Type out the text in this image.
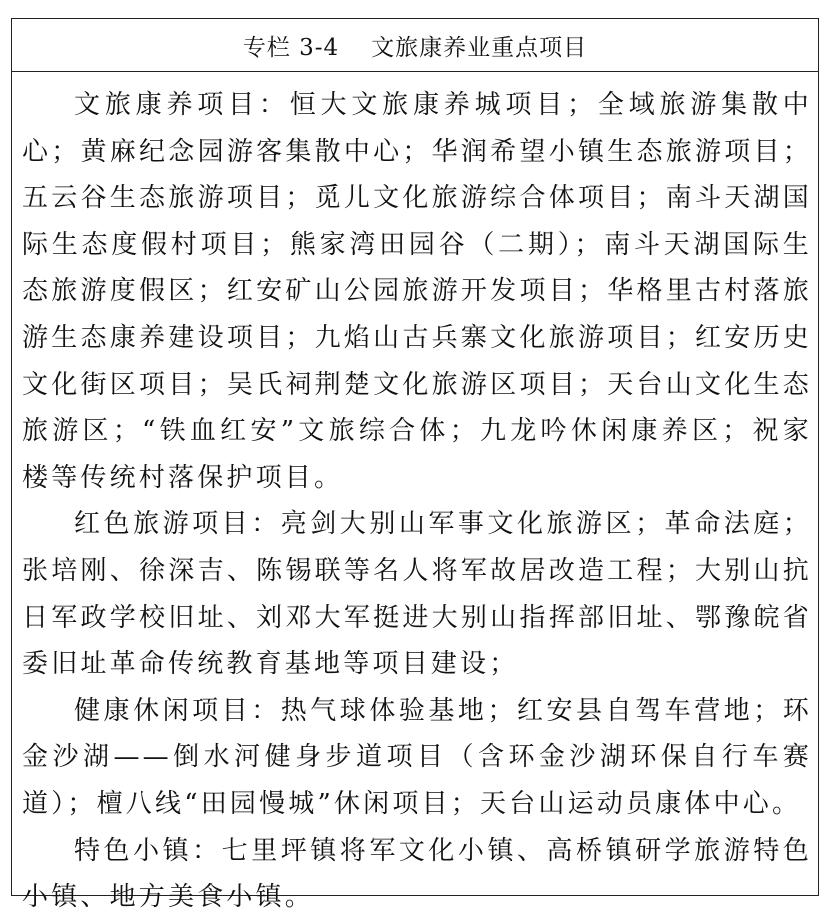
专栏 3-4 文旅康养业重点项目

文旅康养项目：恒大文旅康养城项目；全域旅游集散中心；黄麻纪念园游客集散中心；华润希望小镇生态旅游项目；五云谷生态旅游项目；觅儿文化旅游综合体项目；南斗天湖国际生态度假村项目；熊家湾田园谷（二期）；南斗天湖国际生态旅游度假区；红安矿山公园旅游开发项目；华格里古村落旅游生态康养建设项目；九焰山古兵寨文化旅游项目；红安历史文化街区项目；吴氏祠荆楚文化旅游区项目；天台山文化生态旅游区；“铁血红安”文旅综合体；九龙吟休闲康养区；祝家楼等传统村落保护项目。

红色旅游项目：亮剑大别山军事文化旅游区；革命法庭；张培刚、徐深吉、陈锡联等名人将军故居改造工程；大别山抗日军政学校旧址、刘邓大军挺进大别山指挥部旧址、鄂豫皖省委旧址革命传统教育基地等项目建设；

健康休闲项目：热气球体验基地；红安县自驾车营地；环金沙湖——倒水河健身步道项目（含环金沙湖环保自行车赛道）；檀八线“田园慢城”休闲项目；天台山运动员康体中心。

特色小镇：七里坪镇将军文化小镇、高桥镇研学旅游特色小镇、地方美食小镇。
